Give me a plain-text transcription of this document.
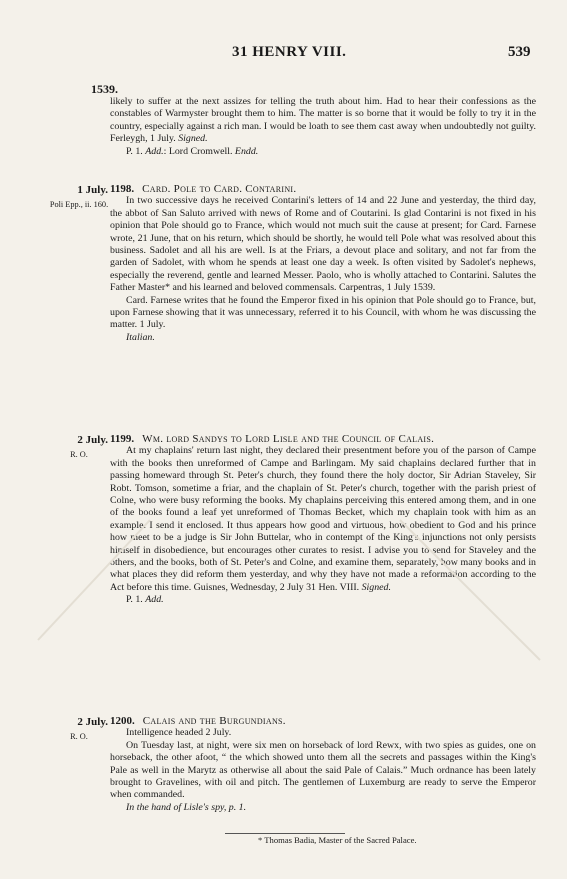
31 HENRY VIII.	539
1539.

likely to suffer at the next assizes for telling the truth about him. Had to hear their confessions as the constables of Warmyster brought them to him. The matter is so borne that it would be folly to try it in the country, especially against a rich man. I would be loath to see them cast away when undoubtedly not guilty. Ferleygh, 1 July. Signed.

P. 1. Add.: Lord Cromwell. Endd.

1 July.
Poli Epp., ii. 160.

1198. Card. Pole to Card. Contarini.

In two successive days he received Contarini's letters of 14 and 22 June and yesterday, the third day, the abbot of San Saluto arrived with news of Rome and of Coutarini. Is glad Contarini is not fixed in his opinion that Pole should go to France, which would not much suit the cause at present; for Card. Farnese wrote, 21 June, that on his return, which should be shortly, he would tell Pole what was resolved about this business. Sadolet and all his are well. Is at the Friars, a devout place and solitary, and not far from the garden of Sadolet, with whom he spends at least one day a week. Is often visited by Sadolet's nephews, especially the reverend, gentle and learned Messer. Paolo, who is wholly attached to Contarini. Salutes the Father Master* and his learned and beloved commensals. Carpentras, 1 July 1539.

Card. Farnese writes that he found the Emperor fixed in his opinion that Pole should go to France, but, upon Farnese showing that it was unnecessary, referred it to his Council, with whom he was discussing the matter. 1 July.

Italian.

2 July.
R. O.

1199. Wm. lord Sandys to Lord Lisle and the Council of Calais.

At my chaplains' return last night, they declared their presentment before you of the parson of Campe with the books then unreformed of Campe and Barlingam. My said chaplains declared further that in passing homeward through St. Peter's church, they found there the holy doctor, Sir Adrian Staveley, Sir Robt. Tomson, sometime a friar, and the chaplain of St. Peter's church, together with the parish priest of Colne, who were busy reforming the books. My chaplains perceiving this entered among them, and in one of the books found a leaf yet unreformed of Thomas Becket, which my chaplain took with him as an example. I send it enclosed. It thus appears how good and virtuous, how obedient to God and his prince how meet to be a judge is Sir John Buttelar, who in contempt of the King's injunctions not only persists himself in disobedience, but encourages other curates to resist. I advise you to send for Staveley and the others, and the books, both of St. Peter's and Colne, and examine them, separately, how many books and in what places they did reform them yesterday, and why they have not made a reformation according to the Act before this time. Guisnes, Wednesday, 2 July 31 Hen. VIII. Signed.

P. 1. Add.

2 July.
R. O.

1200. Calais and the Burgundians.

Intelligence headed 2 July.

On Tuesday last, at night, were six men on horseback of lord Rewx, with two spies as guides, one on horseback, the other afoot, “ the which showed unto them all the secrets and passages within the King's Pale as well in the Marytz as otherwise all about the said Pale of Calais.” Much ordnance has been lately brought to Gravelines, with oil and pitch. The gentlemen of Luxemburg are ready to serve the Emperor when commanded.

In the hand of Lisle's spy, p. 1.

* Thomas Badia, Master of the Sacred Palace.
